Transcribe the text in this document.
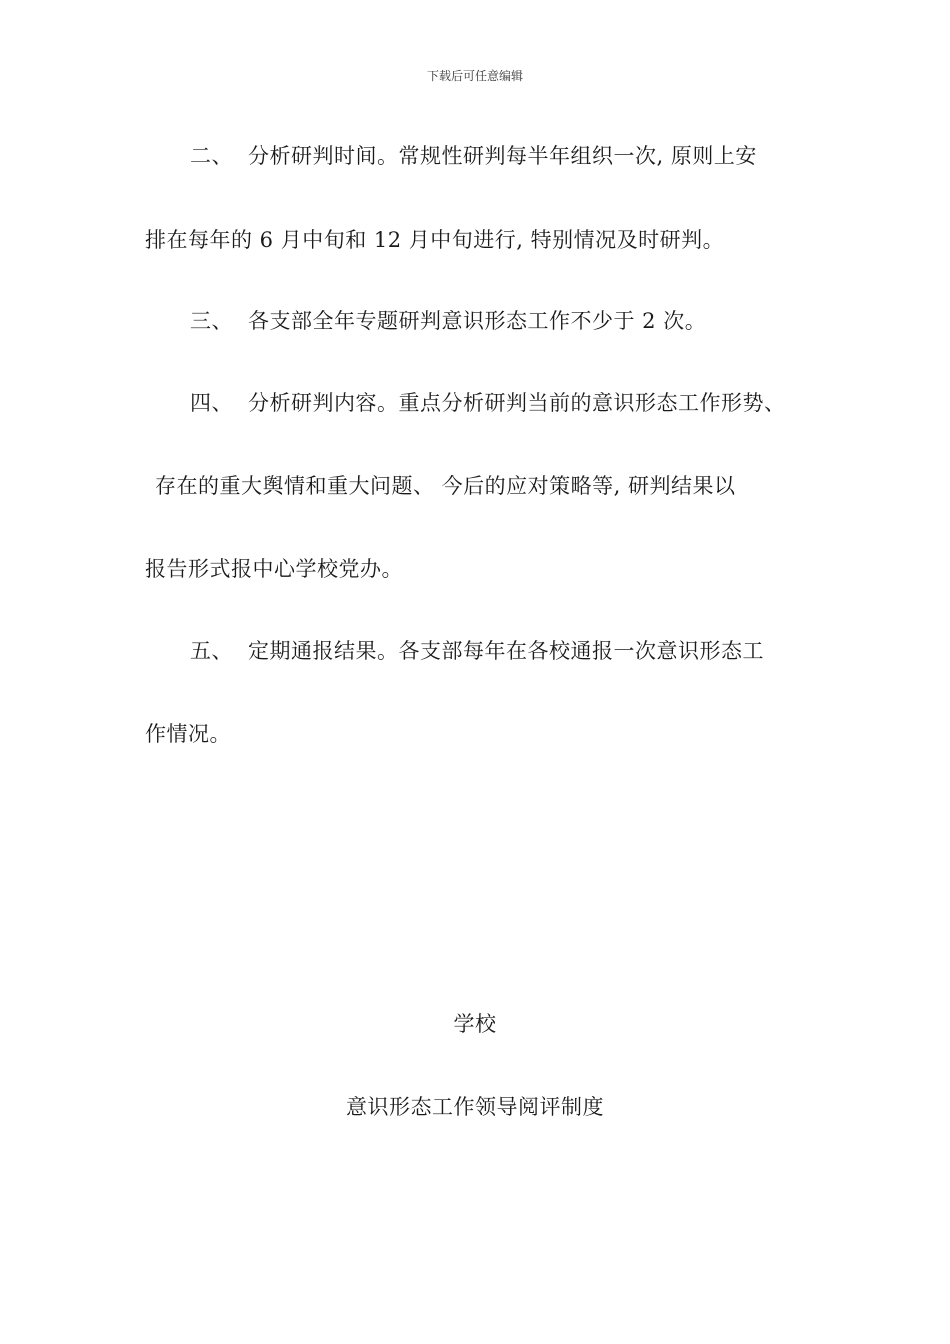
下载后可任意编辑
二、 分析研判时间。常规性研判每半年组织一次, 原则上安
排在每年的 6 月中旬和 12 月中旬进行, 特别情况及时研判。
三、 各支部全年专题研判意识形态工作不少于 2 次。
四、 分析研判内容。重点分析研判当前的意识形态工作形势、
存在的重大舆情和重大问题、 今后的应对策略等, 研判结果以
报告形式报中心学校党办。
五、 定期通报结果。各支部每年在各校通报一次意识形态工
作情况。
学校
意识形态工作领导阅评制度
